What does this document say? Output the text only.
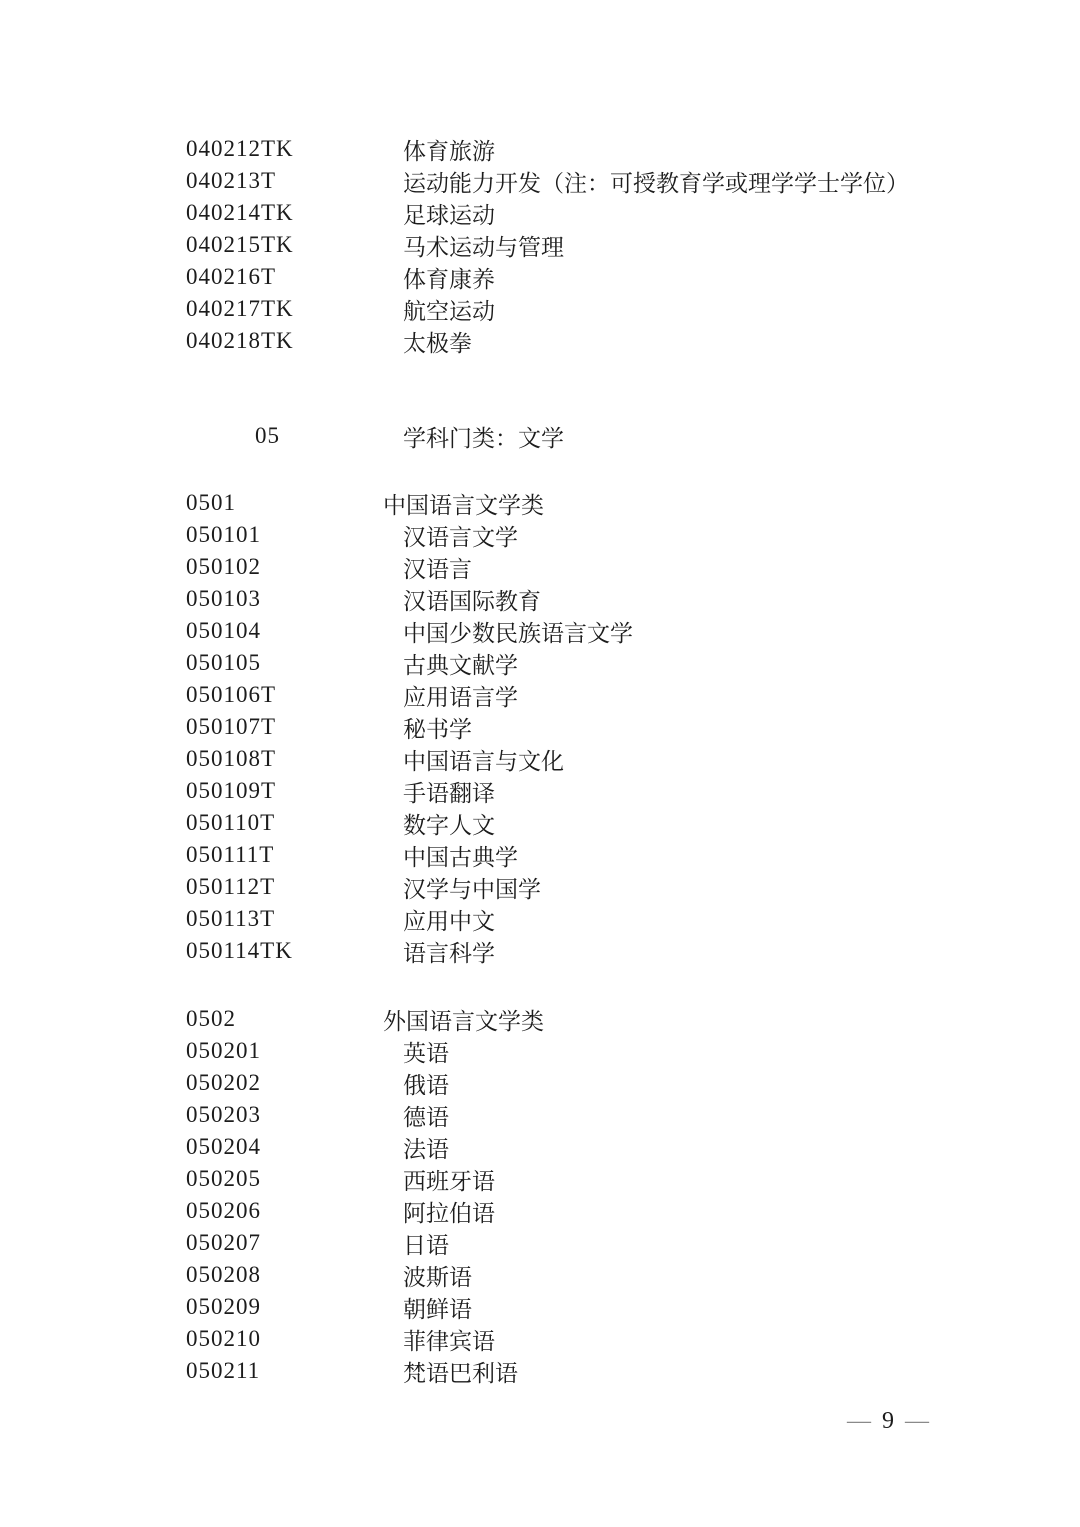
040212TK	体育旅游
040213T	运动能力开发（注：可授教育学或理学学士学位）
040214TK	足球运动
040215TK	马术运动与管理
040216T	体育康养
040217TK	航空运动
040218TK	太极拳
05	学科门类：文学
0501	中国语言文学类
050101	汉语言文学
050102	汉语言
050103	汉语国际教育
050104	中国少数民族语言文学
050105	古典文献学
050106T	应用语言学
050107T	秘书学
050108T	中国语言与文化
050109T	手语翻译
050110T	数字人文
050111T	中国古典学
050112T	汉学与中国学
050113T	应用中文
050114TK	语言科学
0502	外国语言文学类
050201	英语
050202	俄语
050203	德语
050204	法语
050205	西班牙语
050206	阿拉伯语
050207	日语
050208	波斯语
050209	朝鲜语
050210	菲律宾语
050211	梵语巴利语
— 9 —
